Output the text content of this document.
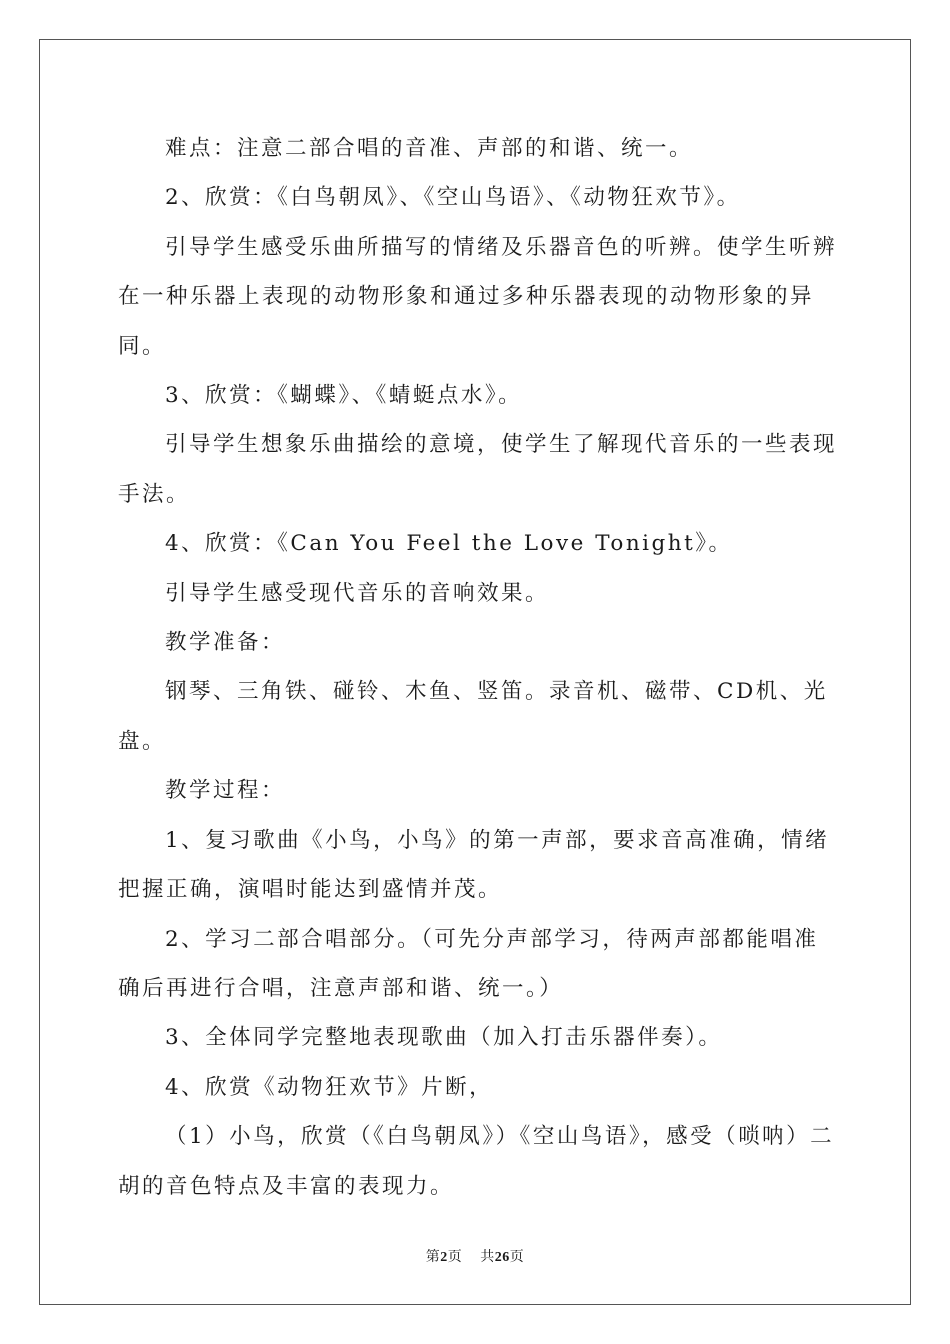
难点：注意二部合唱的音准、声部的和谐、统一。

2、欣赏：《白鸟朝凤》、《空山鸟语》、《动物狂欢节》。

引导学生感受乐曲所描写的情绪及乐器音色的听辨。使学生听辨在一种乐器上表现的动物形象和通过多种乐器表现的动物形象的异同。

3、欣赏：《蝴蝶》、《蜻蜓点水》。

引导学生想象乐曲描绘的意境，使学生了解现代音乐的一些表现手法。

4、欣赏：《Can You Feel the Love Tonight》。

引导学生感受现代音乐的音响效果。

教学准备：

钢琴、三角铁、碰铃、木鱼、竖笛。录音机、磁带、CD机、光盘。

教学过程：

1、复习歌曲《小鸟，小鸟》的第一声部，要求音高准确，情绪把握正确，演唱时能达到盛情并茂。

2、学习二部合唱部分。（可先分声部学习，待两声部都能唱准确后再进行合唱，注意声部和谐、统一。）

3、全体同学完整地表现歌曲（加入打击乐器伴奏）。

4、欣赏《动物狂欢节》片断，

（1）小鸟，欣赏（《白鸟朝凤》）《空山鸟语》，感受（唢呐）二胡的音色特点及丰富的表现力。

第2页 共26页
